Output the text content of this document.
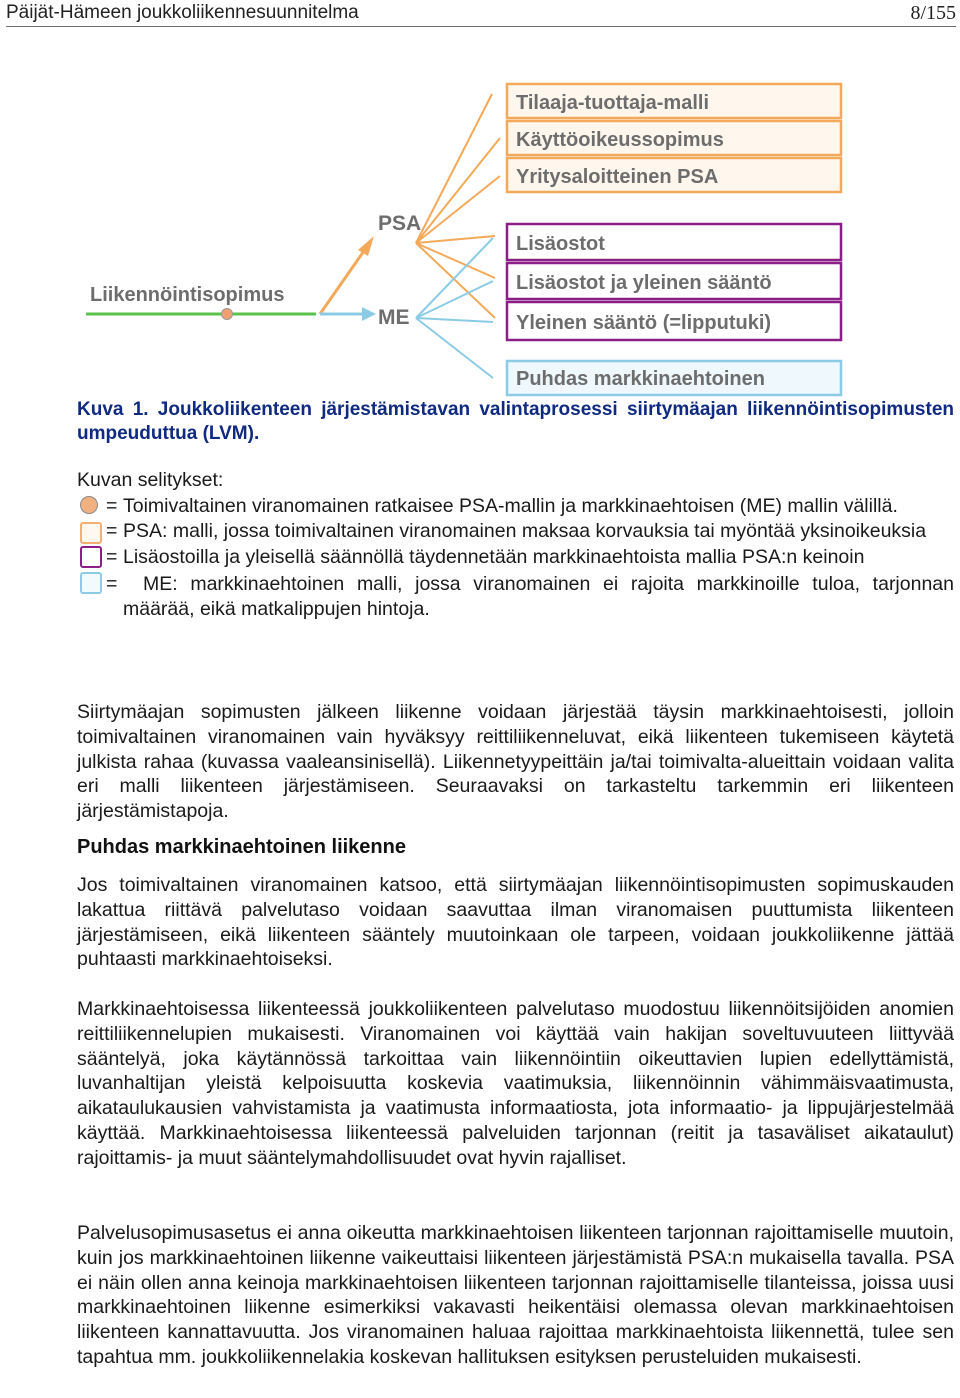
Päijät-Hämeen joukkoliikennesuunnitelma	8/155
Liikennöintisopimus
PSA
ME
Tilaaja-tuottaja-malli
Käyttöoikeussopimus
Yritysaloitteinen PSA
Lisäostot
Lisäostot ja yleinen sääntö
Yleinen sääntö (=lipputuki)
Puhdas markkinaehtoinen
Kuva 1. Joukkoliikenteen järjestämistavan valintaprosessi siirtymäajan liikennöintisopimusten umpeuduttua (LVM).
Kuvan selitykset:
= Toimivaltainen viranomainen ratkaisee PSA-mallin ja markkinaehtoisen (ME) mallin välillä.
= PSA: malli, jossa toimivaltainen viranomainen maksaa korvauksia tai myöntää yksinoikeuksia
= Lisäostoilla ja yleisellä säännöllä täydennetään markkinaehtoista mallia PSA:n keinoin
=	ME: markkinaehtoinen malli, jossa viranomainen ei rajoita markkinoille tuloa, tarjonnan määrää, eikä matkalippujen hintoja.

Siirtymäajan sopimusten jälkeen liikenne voidaan järjestää täysin markkinaehtoisesti, jolloin toimivaltainen viranomainen vain hyväksyy reittiliikenneluvat, eikä liikenteen tukemiseen käytetä julkista rahaa (kuvassa vaaleansinisellä). Liikennetyypeittäin ja/tai toimivalta-alueittain voidaan valita eri malli liikenteen järjestämiseen. Seuraavaksi on tarkasteltu tarkemmin eri liikenteen järjestämistapoja.

Puhdas markkinaehtoinen liikenne

Jos toimivaltainen viranomainen katsoo, että siirtymäajan liikennöintisopimusten sopimuskauden lakattua riittävä palvelutaso voidaan saavuttaa ilman viranomaisen puuttumista liikenteen järjestämiseen, eikä liikenteen sääntely muutoinkaan ole tarpeen, voidaan joukkoliikenne jättää puhtaasti markkinaehtoiseksi.

Markkinaehtoisessa liikenteessä joukkoliikenteen palvelutaso muodostuu liikennöitsijöiden anomien reittiliikennelupien mukaisesti. Viranomainen voi käyttää vain hakijan soveltuvuuteen liittyvää sääntelyä, joka käytännössä tarkoittaa vain liikennöintiin oikeuttavien lupien edellyttämistä, luvanhaltijan yleistä kelpoisuutta koskevia vaatimuksia, liikennöinnin vähimmäisvaatimusta, aikataulukausien vahvistamista ja vaatimusta informaatiosta, jota informaatio- ja lippujärjestelmää käyttää. Markkinaehtoisessa liikenteessä palveluiden tarjonnan (reitit ja tasaväliset aikataulut) rajoittamis- ja muut sääntelymahdollisuudet ovat hyvin rajalliset.

Palvelusopimusasetus ei anna oikeutta markkinaehtoisen liikenteen tarjonnan rajoittamiselle muutoin, kuin jos markkinaehtoinen liikenne vaikeuttaisi liikenteen järjestämistä PSA:n mukaisella tavalla. PSA ei näin ollen anna keinoja markkinaehtoisen liikenteen tarjonnan rajoittamiselle tilanteissa, joissa uusi markkinaehtoinen liikenne esimerkiksi vakavasti heikentäisi olemassa olevan markkinaehtoisen liikenteen kannattavuutta. Jos viranomainen haluaa rajoittaa markkinaehtoista liikennettä, tulee sen tapahtua mm. joukkoliikennelakia koskevan hallituksen esityksen perusteluiden mukaisesti.
